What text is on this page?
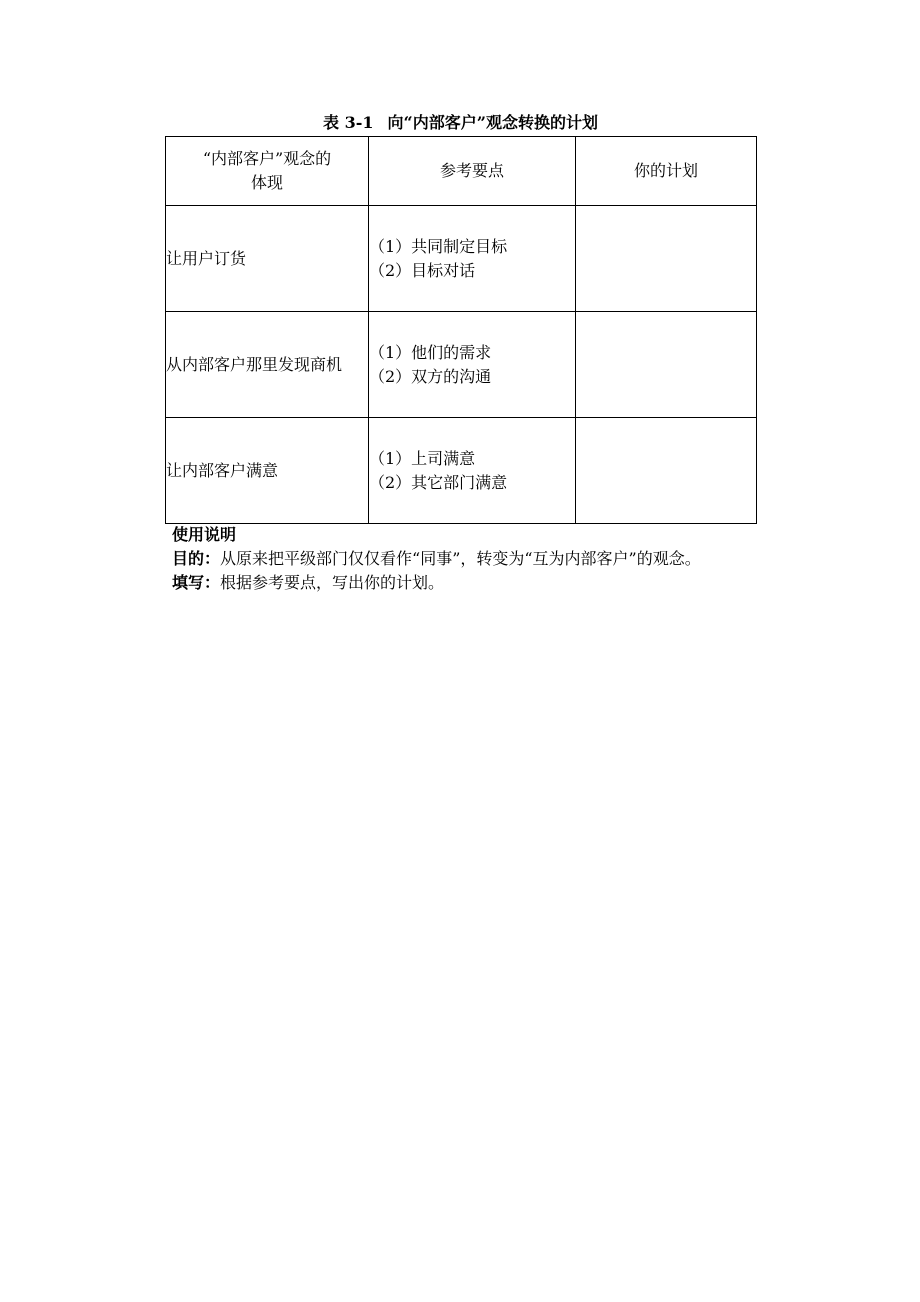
表 3-1 向“内部客户”观念转换的计划
“内部客户”观念的
体现	参考要点	你的计划
让用户订货	（1）共同制定目标
（2）目标对话	

从内部客户那里发现商机	（1）他们的需求
（2）双方的沟通	

让内部客户满意	（1）上司满意
（2）其它部门满意	

使用说明

目的：从原来把平级部门仅仅看作“同事”，转变为“互为内部客户”的观念。

填写：根据参考要点，写出你的计划。
